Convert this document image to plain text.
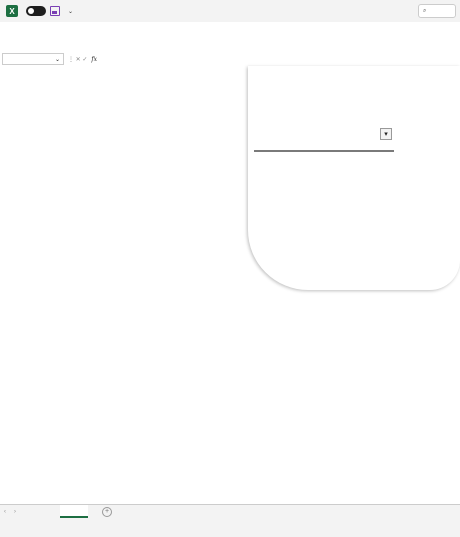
X	⌄	⌕
⌄ ⋮ ✕ ✓ fx
▾
‹	›	+
